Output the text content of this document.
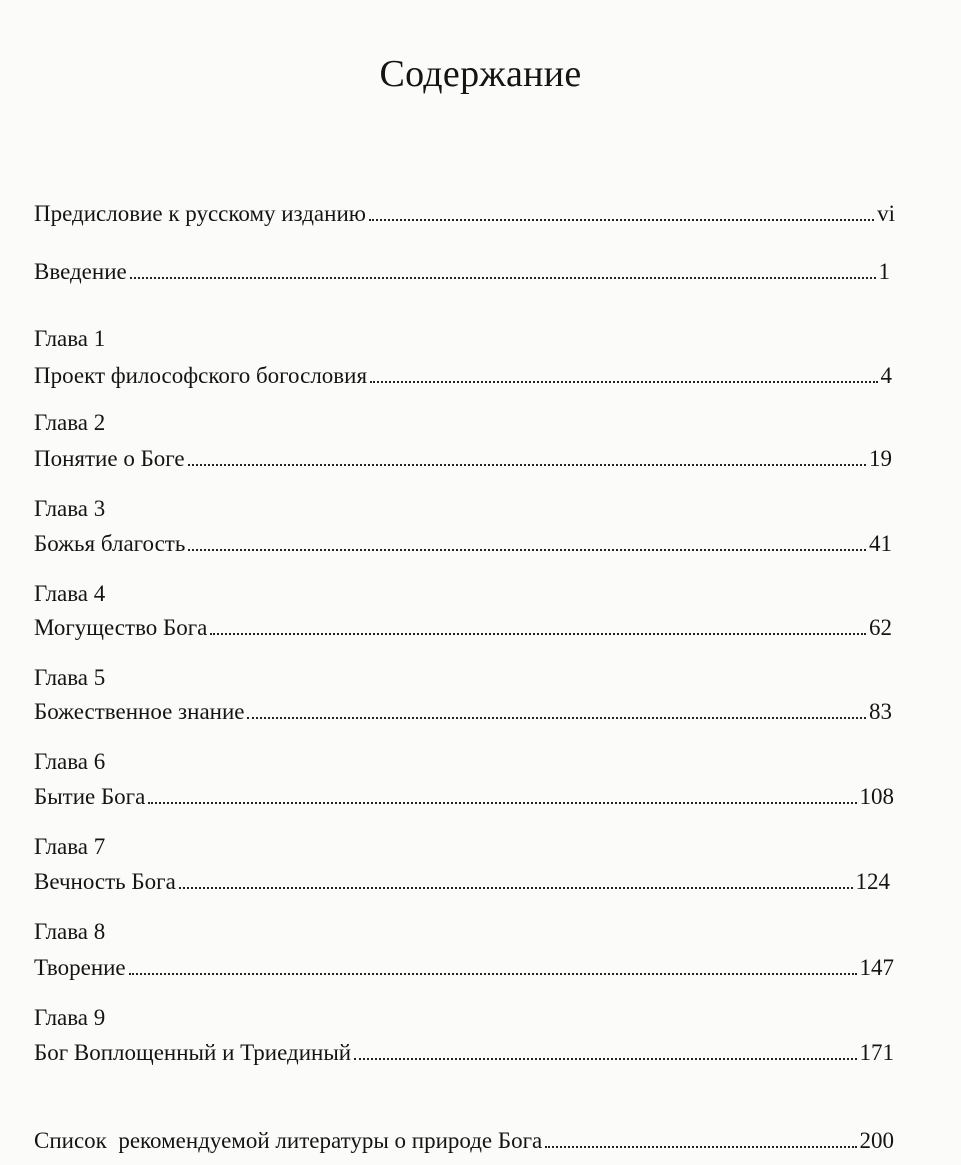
Содержание
Предисловие к русскому изданию	vi
Введение	1
Глава 1
Проект философского богословия	4
Глава 2
Понятие о Боге	19
Глава 3
Божья благость	41
Глава 4
Могущество Бога	62
Глава 5
Божественное знание	83
Глава 6
Бытие Бога	108
Глава 7
Вечность Бога	124
Глава 8
Творение	147
Глава 9
Бог Воплощенный и Триединый	171
Список  рекомендуемой литературы о природе Бога	200
